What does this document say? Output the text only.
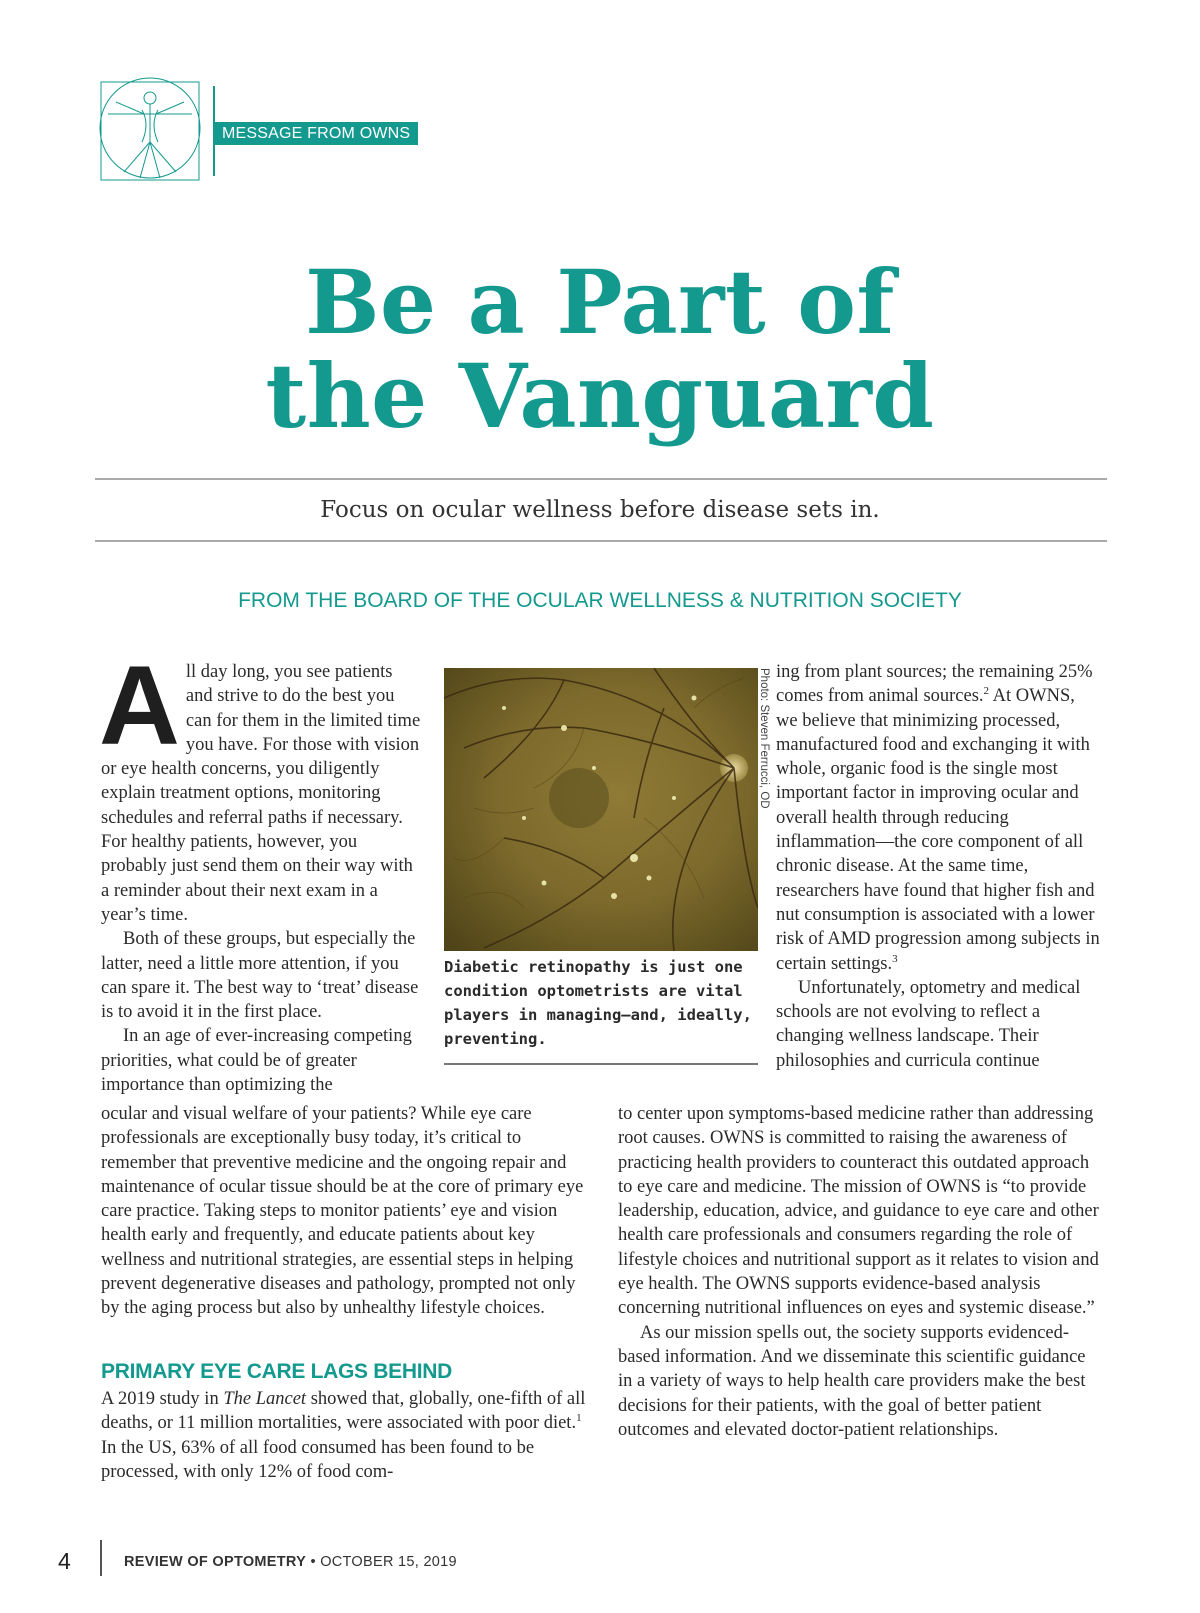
MESSAGE FROM OWNS
Be a Part of
the Vanguard

Focus on ocular wellness before disease sets in.

FROM THE BOARD OF THE OCULAR WELLNESS & NUTRITION SOCIETY

All day long, you see patients and strive to do the best you can for them in the limited time you have. For those with vision or eye health concerns, you diligently explain treatment options, monitoring schedules and referral paths if necessary. For healthy patients, however, you probably just send them on their way with a reminder about their next exam in a year’s time.

Both of these groups, but especially the latter, need a little more attention, if you can spare it. The best way to ‘treat’ disease is to avoid it in the first place.

In an age of ever-increasing competing priorities, what could be of greater importance than optimizing the

ocular and visual welfare of your patients? While eye care professionals are exceptionally busy today, it’s critical to remember that preventive medicine and the ongoing repair and maintenance of ocular tissue should be at the core of primary eye care practice. Taking steps to monitor patients’ eye and vision health early and frequently, and educate patients about key wellness and nutritional strategies, are essential steps in helping prevent degenerative diseases and pathology, prompted not only by the aging process but also by unhealthy lifestyle choices.

PRIMARY EYE CARE LAGS BEHIND

A 2019 study in The Lancet showed that, globally, one-fifth of all deaths, or 11 million mortalities, were associated with poor diet.$^1$ In the US, 63% of all food consumed has been found to be processed, with only 12% of food com-

Photo: Steven Ferrucci, OD

Diabetic retinopathy is just one condition optometrists are vital players in managing—and, ideally, preventing.

ing from plant sources; the remaining 25% comes from animal sources.$^2$ At OWNS, we believe that minimizing processed, manufactured food and exchanging it with whole, organic food is the single most important factor in improving ocular and overall health through reducing inflammation—the core component of all chronic disease. At the same time, researchers have found that higher fish and nut consumption is associated with a lower risk of AMD progression among subjects in certain settings.$^3$

Unfortunately, optometry and medical schools are not evolving to reflect a changing wellness landscape. Their philosophies and curricula continue

to center upon symptoms-based medicine rather than addressing root causes. OWNS is committed to raising the awareness of practicing health providers to counteract this outdated approach to eye care and medicine. The mission of OWNS is “to provide leadership, education, advice, and guidance to eye care and other health care professionals and consumers regarding the role of lifestyle choices and nutritional support as it relates to vision and eye health. The OWNS supports evidence-based analysis concerning nutritional influences on eyes and systemic disease.”

As our mission spells out, the society supports evidenced-based information. And we disseminate this scientific guidance in a variety of ways to help health care providers make the best decisions for their patients, with the goal of better patient outcomes and elevated doctor-patient relationships.

4	REVIEW OF OPTOMETRY • OCTOBER 15, 2019
